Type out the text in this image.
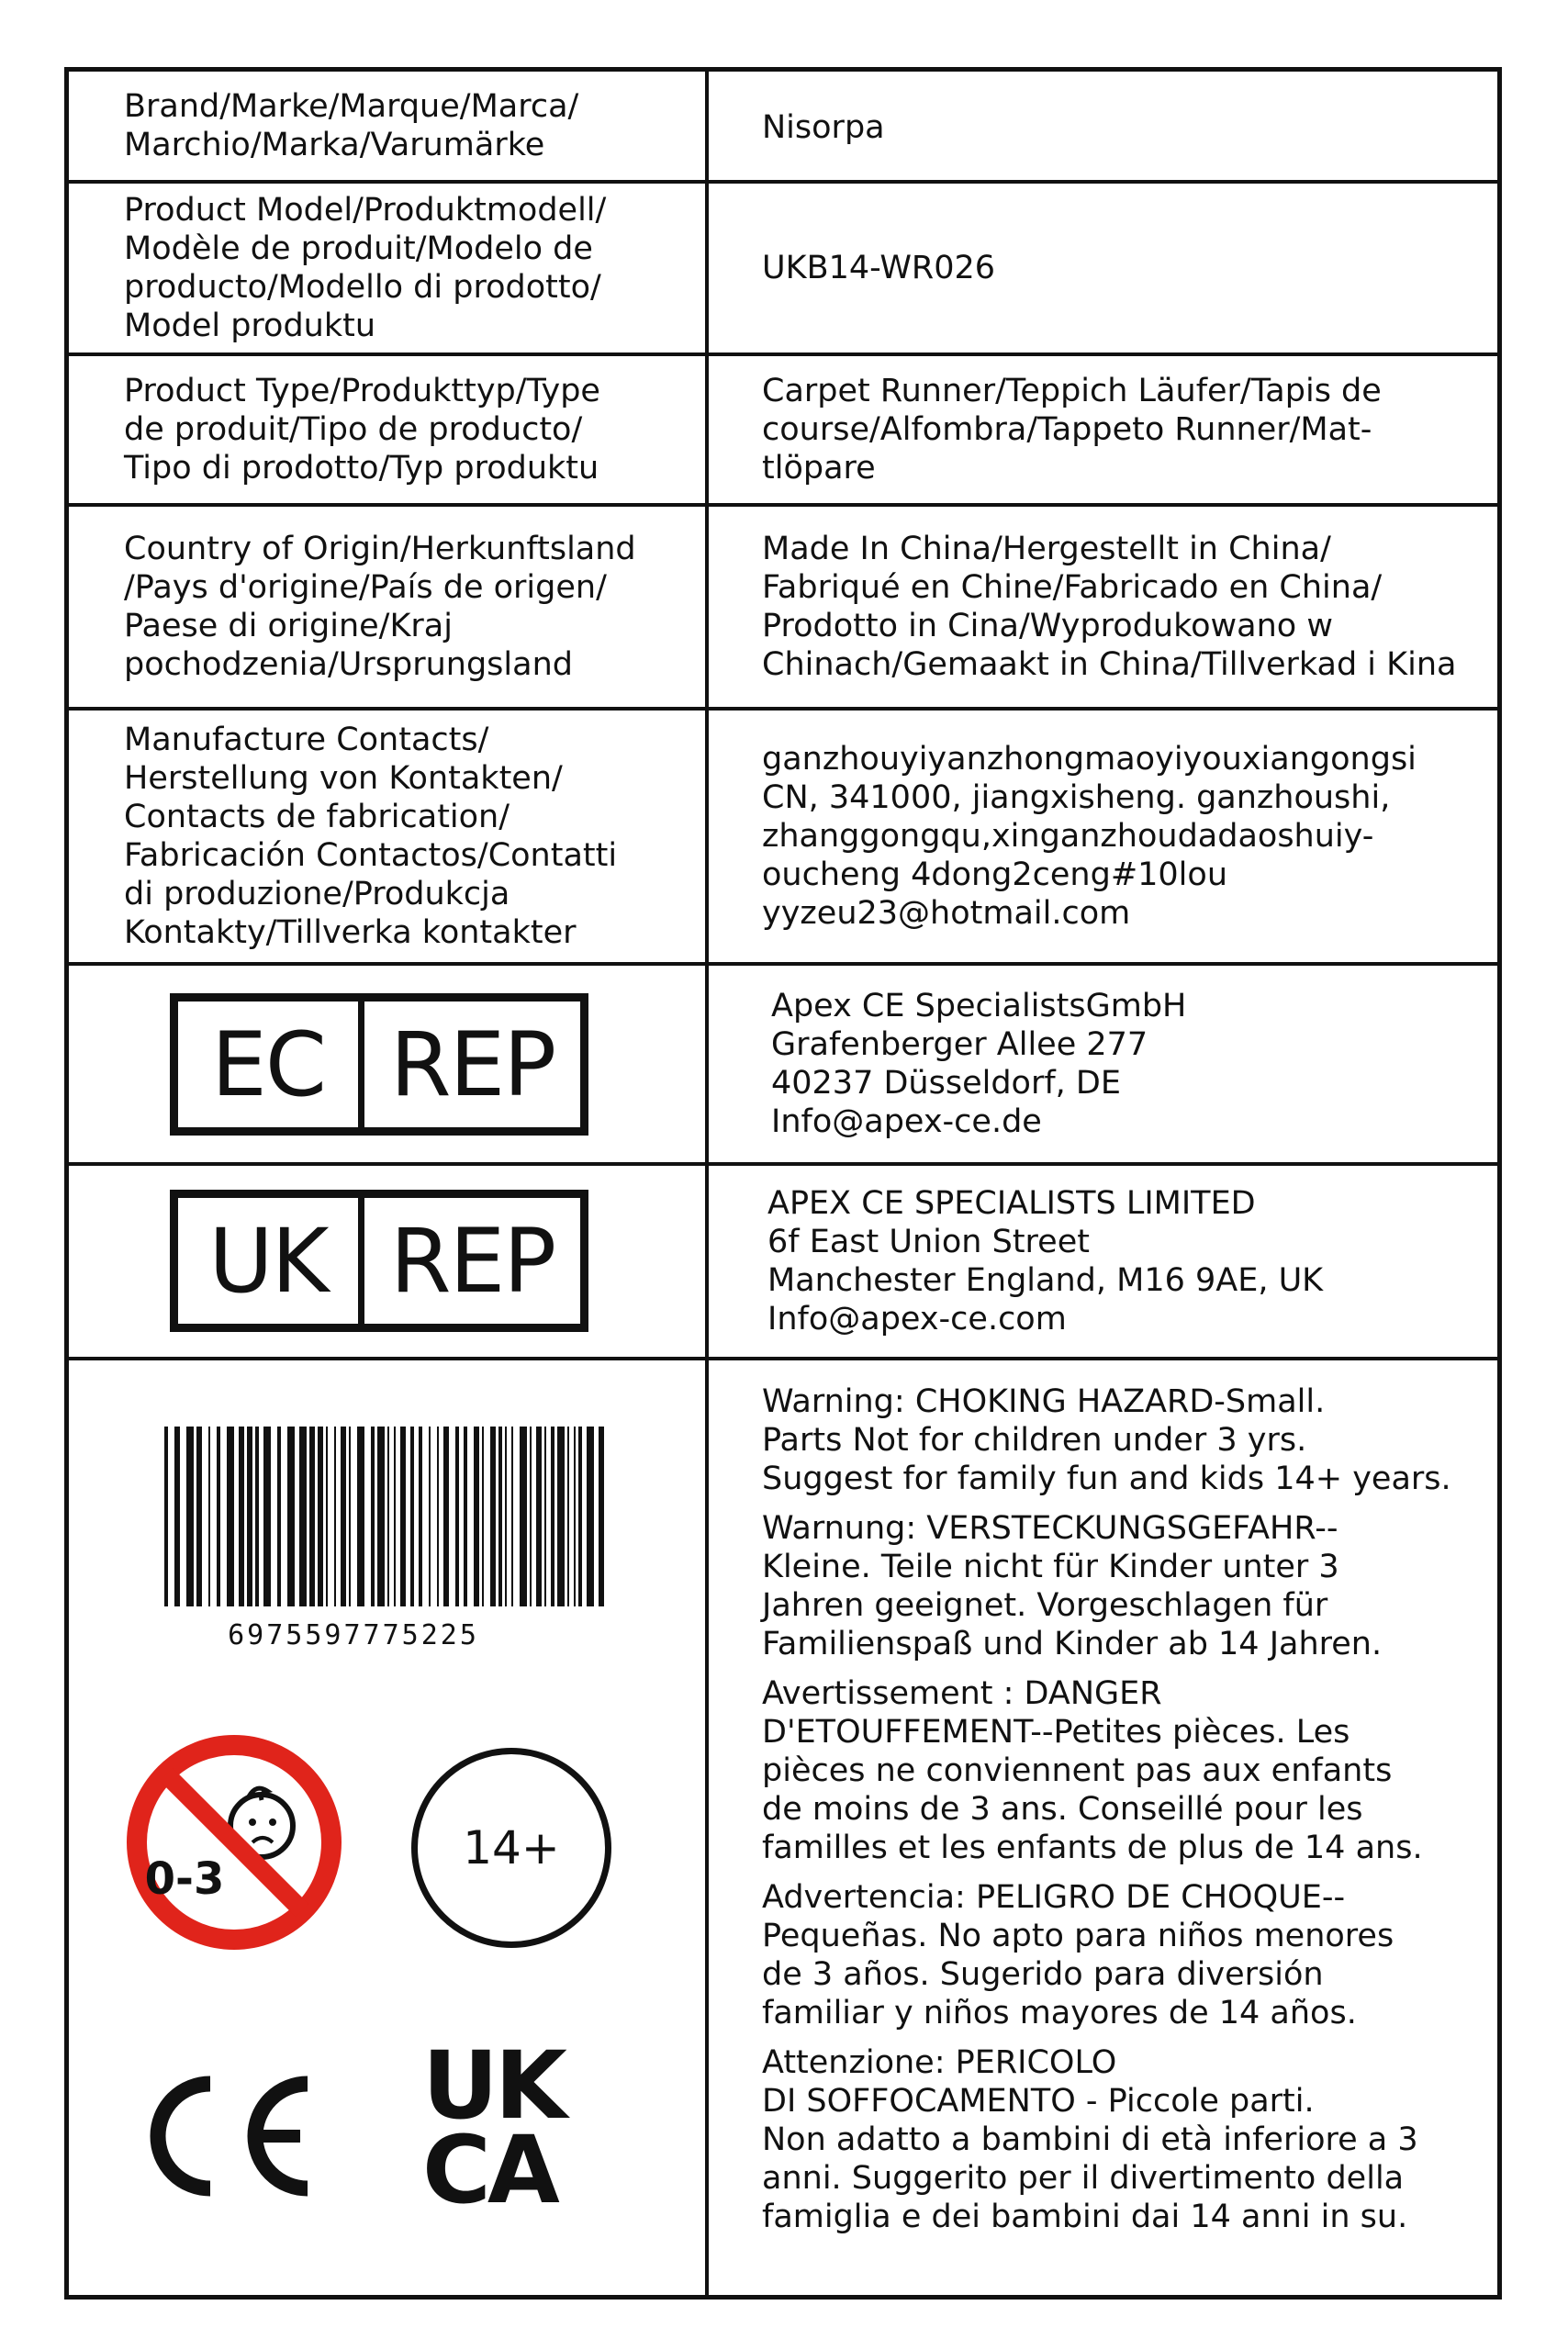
Brand/Marke/Marque/Marca/
Marchio/Marka/Varumärke	Nisorpa
Product Model/Produktmodell/
Modèle de produit/Modelo de
producto/Modello di prodotto/
Model produktu
UKB14-WR026
Product Type/Produkttyp/Type
de produit/Tipo de producto/
Tipo di prodotto/Typ produktu
Carpet Runner/Teppich Läufer/Tapis de
course/Alfombra/Tappeto Runner/Mat-
tlöpare
Country of Origin/Herkunftsland
/Pays d'origine/País de origen/
Paese di origine/Kraj
pochodzenia/Ursprungsland
Made In China/Hergestellt in China/
Fabriqué en Chine/Fabricado en China/
Prodotto in Cina/Wyprodukowano w
Chinach/Gemaakt in China/Tillverkad i Kina
Manufacture Contacts/
Herstellung von Kontakten/
Contacts de fabrication/
Fabricación Contactos/Contatti
di produzione/Produkcja
Kontakty/Tillverka kontakter
ganzhouyiyanzhongmaoyiyouxiangongsi
CN, 341000, jiangxisheng. ganzhoushi,
zhanggongqu,xinganzhoudadaoshuiy-
oucheng 4dong2ceng#10lou
yyzeu23@hotmail.com
EC REP
Apex CE SpecialistsGmbH
Grafenberger Allee 277
40237 Düsseldorf, DE
Info@apex-ce.de
UK REP
APEX CE SPECIALISTS LIMITED
6f East Union Street
Manchester England, M16 9AE, UK
Info@apex-ce.com
6975597775225
0-3
14+
UK
CA
Warning: CHOKING HAZARD-Small.
Parts Not for children under 3 yrs.
Suggest for family fun and kids 14+ years.
Warnung: VERSTECKUNGSGEFAHR--
Kleine. Teile nicht für Kinder unter 3
Jahren geeignet. Vorgeschlagen für
Familienspaß und Kinder ab 14 Jahren.
Avertissement : DANGER
D'ETOUFFEMENT--Petites pièces. Les
pièces ne conviennent pas aux enfants
de moins de 3 ans. Conseillé pour les
familles et les enfants de plus de 14 ans.
Advertencia: PELIGRO DE CHOQUE--
Pequeñas. No apto para niños menores
de 3 años. Sugerido para diversión
familiar y niños mayores de 14 años.
Attenzione: PERICOLO
DI SOFFOCAMENTO - Piccole parti.
Non adatto a bambini di età inferiore a 3
anni. Suggerito per il divertimento della
famiglia e dei bambini dai 14 anni in su.
